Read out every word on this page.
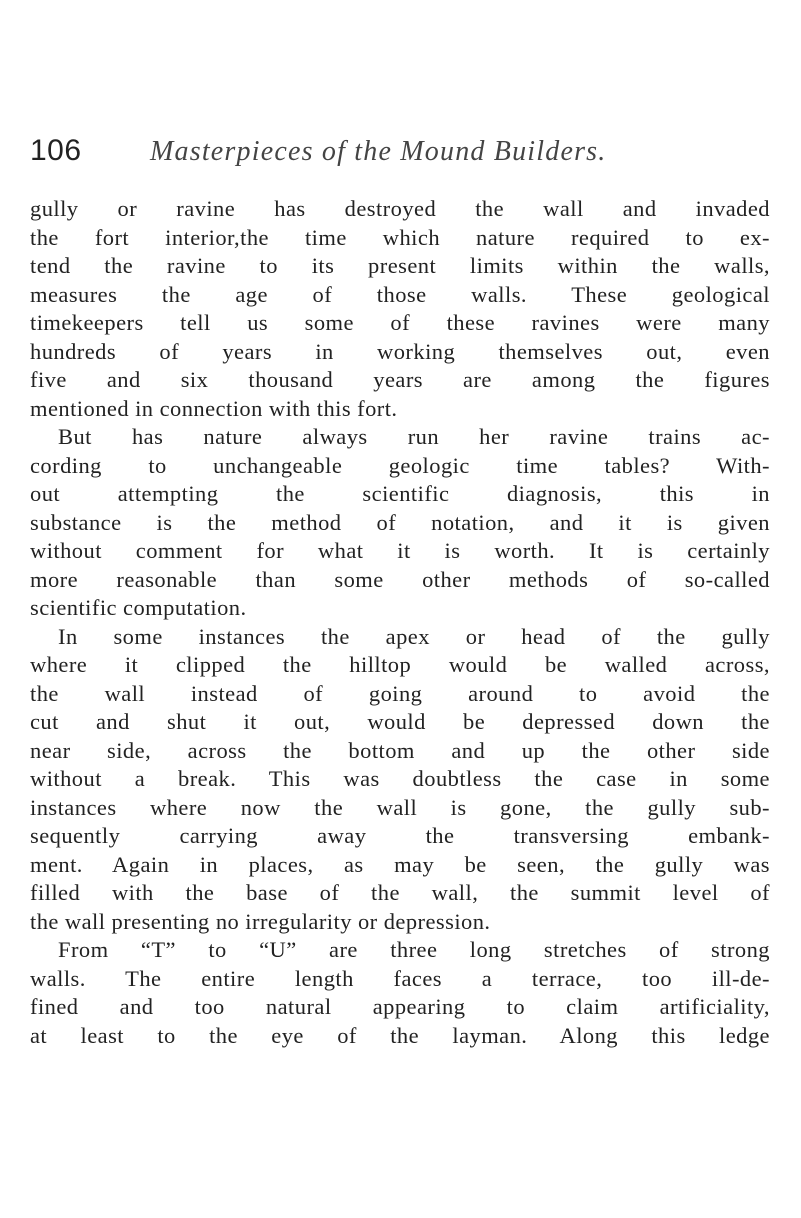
106 Masterpieces of the Mound Builders.
gully or ravine has destroyed the wall and invaded
the fort interior,the time which nature required to ex-
tend the ravine to its present limits within the walls,
measures the age of those walls. These geological
timekeepers tell us some of these ravines were many
hundreds of years in working themselves out, even
five and six thousand years are among the figures
mentioned in connection with this fort.
But has nature always run her ravine trains ac-
cording to unchangeable geologic time tables? With-
out attempting the scientific diagnosis, this in
substance is the method of notation, and it is given
without comment for what it is worth. It is certainly
more reasonable than some other methods of so-called
scientific computation.
In some instances the apex or head of the gully
where it clipped the hilltop would be walled across,
the wall instead of going around to avoid the
cut and shut it out, would be depressed down the
near side, across the bottom and up the other side
without a break. This was doubtless the case in some
instances where now the wall is gone, the gully sub-
sequently carrying away the transversing embank-
ment. Again in places, as may be seen, the gully was
filled with the base of the wall, the summit level of
the wall presenting no irregularity or depression.
From “T” to “U” are three long stretches of strong
walls. The entire length faces a terrace, too ill-de-
fined and too natural appearing to claim artificiality,
at least to the eye of the layman. Along this ledge
